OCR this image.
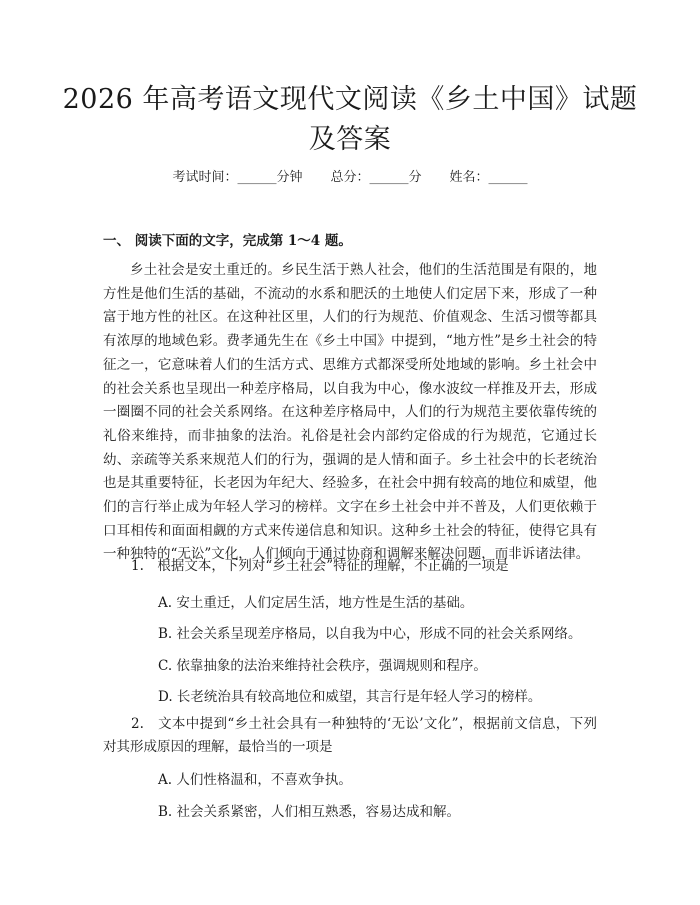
2026 年高考语文现代文阅读《乡土中国》试题及答案
考试时间：______分钟 总分：______分 姓名：______
一、 阅读下面的文字，完成第 1～4 题。

乡土社会是安土重迁的。乡民生活于熟人社会，他们的生活范围是有限的，地方性是他们生活的基础，不流动的水系和肥沃的土地使人们定居下来，形成了一种富于地方性的社区。在这种社区里，人们的行为规范、价值观念、生活习惯等都具有浓厚的地域色彩。费孝通先生在《乡土中国》中提到，“地方性”是乡土社会的特征之一，它意味着人们的生活方式、思维方式都深受所处地域的影响。乡土社会中的社会关系也呈现出一种差序格局，以自我为中心，像水波纹一样推及开去，形成一圈圈不同的社会关系网络。在这种差序格局中，人们的行为规范主要依靠传统的礼俗来维持，而非抽象的法治。礼俗是社会内部约定俗成的行为规范，它通过长幼、亲疏等关系来规范人们的行为，强调的是人情和面子。乡土社会中的长老统治也是其重要特征，长老因为年纪大、经验多，在社会中拥有较高的地位和威望，他们的言行举止成为年轻人学习的榜样。文字在乡土社会中并不普及，人们更依赖于口耳相传和面面相觑的方式来传递信息和知识。这种乡土社会的特征，使得它具有一种独特的“无讼”文化，人们倾向于通过协商和调解来解决问题，而非诉诸法律。

1.　根据文本，下列对“乡土社会”特征的理解，不正确的一项是

A. 安土重迁，人们定居生活，地方性是生活的基础。

B. 社会关系呈现差序格局，以自我为中心，形成不同的社会关系网络。

C. 依靠抽象的法治来维持社会秩序，强调规则和程序。

D. 长老统治具有较高地位和威望，其言行是年轻人学习的榜样。

2.　文本中提到“乡土社会具有一种独特的‘无讼’文化”，根据前文信息，下列对其形成原因的理解，最恰当的一项是

A. 人们性格温和，不喜欢争执。

B. 社会关系紧密，人们相互熟悉，容易达成和解。
